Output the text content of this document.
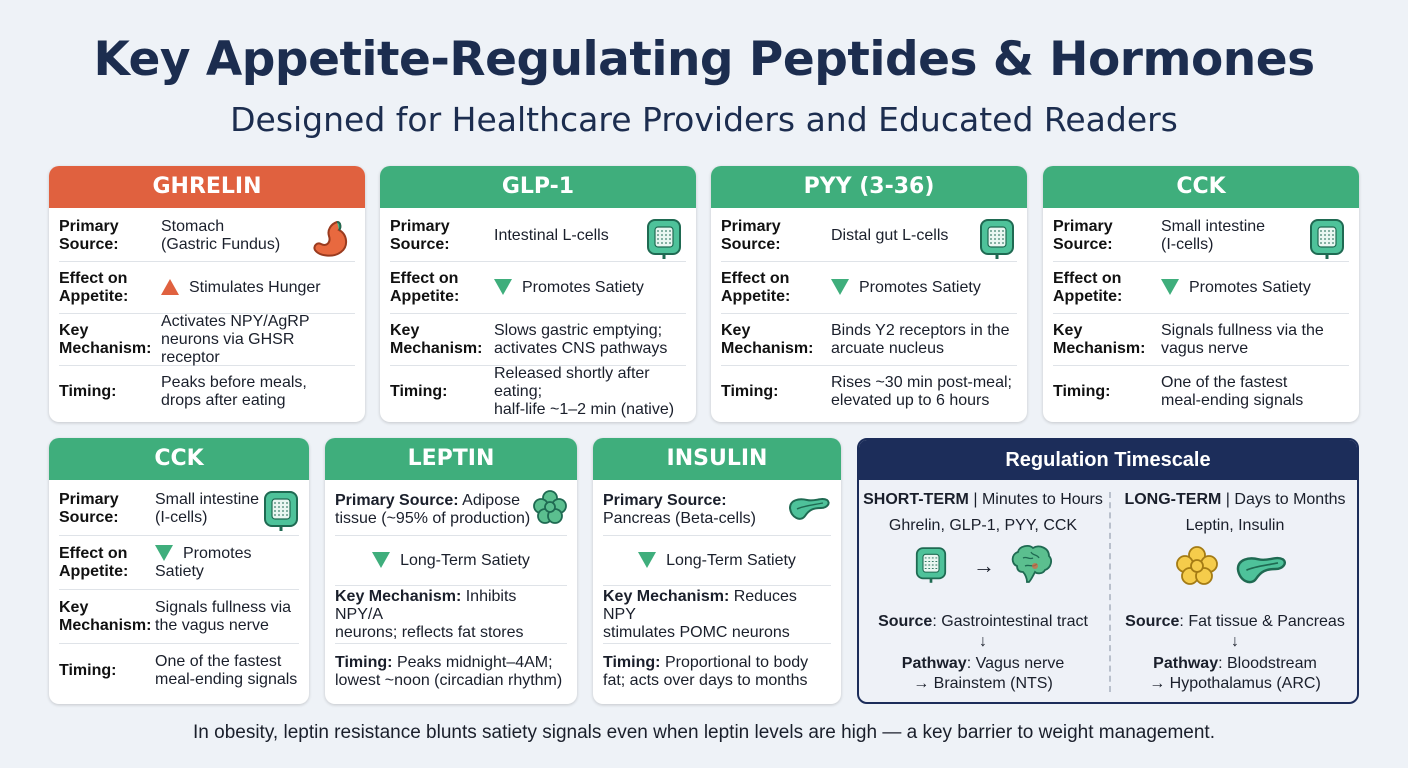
Key Appetite-Regulating Peptides & Hormones
Designed for Healthcare Providers and Educated Readers
GHRELIN
Primary
Source:
Stomach
(Gastric Fundus)
Effect on
Appetite:
Stimulates Hunger
Key
Mechanism:
Activates NPY/AgRP
neurons via GHSR receptor
Timing:
Peaks before meals,
drops after eating
GLP-1
Primary
Source:
Intestinal L-cells
Effect on
Appetite:
Promotes Satiety
Key
Mechanism:
Slows gastric emptying;
activates CNS pathways
Timing:
Released shortly after eating;
half-life ~1–2 min (native)
PYY (3-36)
Primary
Source:
Distal gut L-cells
Effect on
Appetite:
Promotes Satiety
Key
Mechanism:
Binds Y2 receptors in the
arcuate nucleus
Timing:
Rises ~30 min post-meal;
elevated up to 6 hours
CCK
Primary
Source:
Small intestine
(I-cells)
Effect on
Appetite:
Promotes Satiety
Key
Mechanism:
Signals fullness via the
vagus nerve
Timing:
One of the fastest
meal-ending signals
CCK
Primary
Source:
Small intestine
(I-cells)
Effect on
Appetite:
Promotes Satiety
Key
Mechanism:
Signals fullness via
the vagus nerve
Timing:
One of the fastest
meal-ending signals
LEPTIN
Primary Source: Adipose
tissue (~95% of production)
Long-Term Satiety
Key Mechanism: Inhibits NPY/A
neurons; reflects fat stores
Timing: Peaks midnight–4AM;
lowest ~noon (circadian rhythm)
INSULIN
Primary Source:
Pancreas (Beta-cells)
Long-Term Satiety
Key Mechanism: Reduces NPY
stimulates POMC neurons
Timing: Proportional to body
fat; acts over days to months
Regulation Timescale
SHORT-TERM | Minutes to Hours
Ghrelin, GLP-1, PYY, CCK
→
Source: Gastrointestinal tract
↓
Pathway: Vagus nerve
→ Brainstem (NTS)
LONG-TERM | Days to Months
Leptin, Insulin
Source: Fat tissue & Pancreas
↓
Pathway: Bloodstream
→ Hypothalamus (ARC)
In obesity, leptin resistance blunts satiety signals even when leptin levels are high — a key barrier to weight management.
